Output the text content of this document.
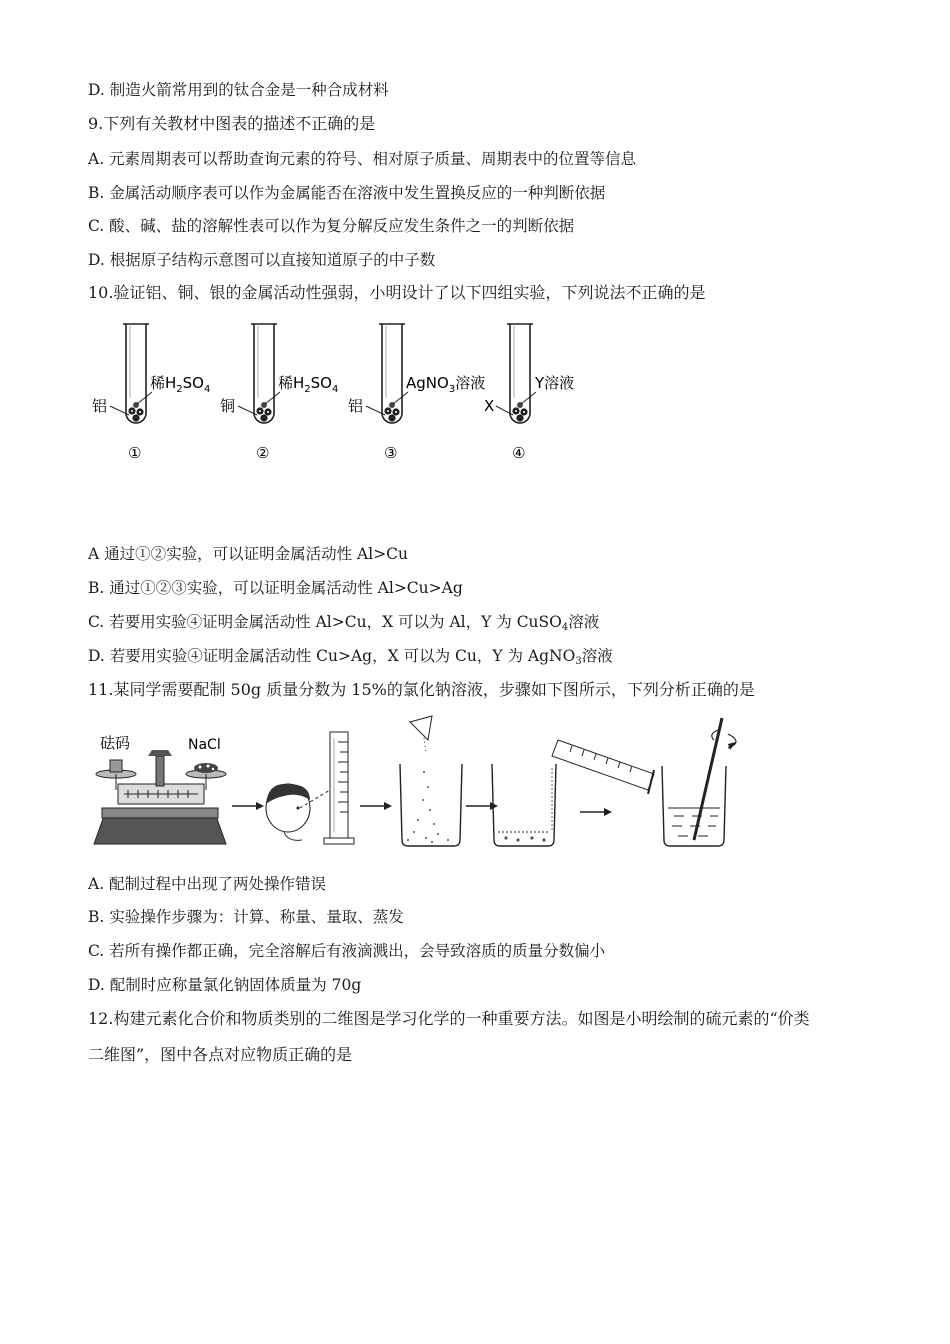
D. 制造火箭常用到的钛合金是一种合成材料
9.下列有关教材中图表的描述不正确的是
A. 元素周期表可以帮助查询元素的符号、相对原子质量、周期表中的位置等信息
B. 金属活动顺序表可以作为金属能否在溶液中发生置换反应的一种判断依据
C. 酸、碱、盐的溶解性表可以作为复分解反应发生条件之一的判断依据
D. 根据原子结构示意图可以直接知道原子的中子数
10.验证铝、铜、银的金属活动性强弱，小明设计了以下四组实验，下列说法不正确的是
稀$H_2SO_4$
铝
①
稀$H_2SO_4$
铜
②
AgNO$_3$溶液
铝
③
Y溶液
X
④
A 通过①②实验，可以证明金属活动性 Al>Cu
B. 通过①②③实验，可以证明金属活动性 Al>Cu>Ag
C. 若要用实验④证明金属活动性 Al>Cu，X 可以为 Al，Y 为 CuSO$_4$溶液
D. 若要用实验④证明金属活动性 Cu>Ag，X 可以为 Cu，Y 为 AgNO$_3$溶液
11.某同学需要配制 50g 质量分数为 15%的氯化钠溶液，步骤如下图所示，下列分析正确的是
砝码	NaCl
A. 配制过程中出现了两处操作错误
B. 实验操作步骤为：计算、称量、量取、蒸发
C. 若所有操作都正确，完全溶解后有液滴溅出，会导致溶质的质量分数偏小
D. 配制时应称量氯化钠固体质量为 70g
12.构建元素化合价和物质类别的二维图是学习化学的一种重要方法。如图是小明绘制的硫元素的“价类
二维图”，图中各点对应物质正确的是
